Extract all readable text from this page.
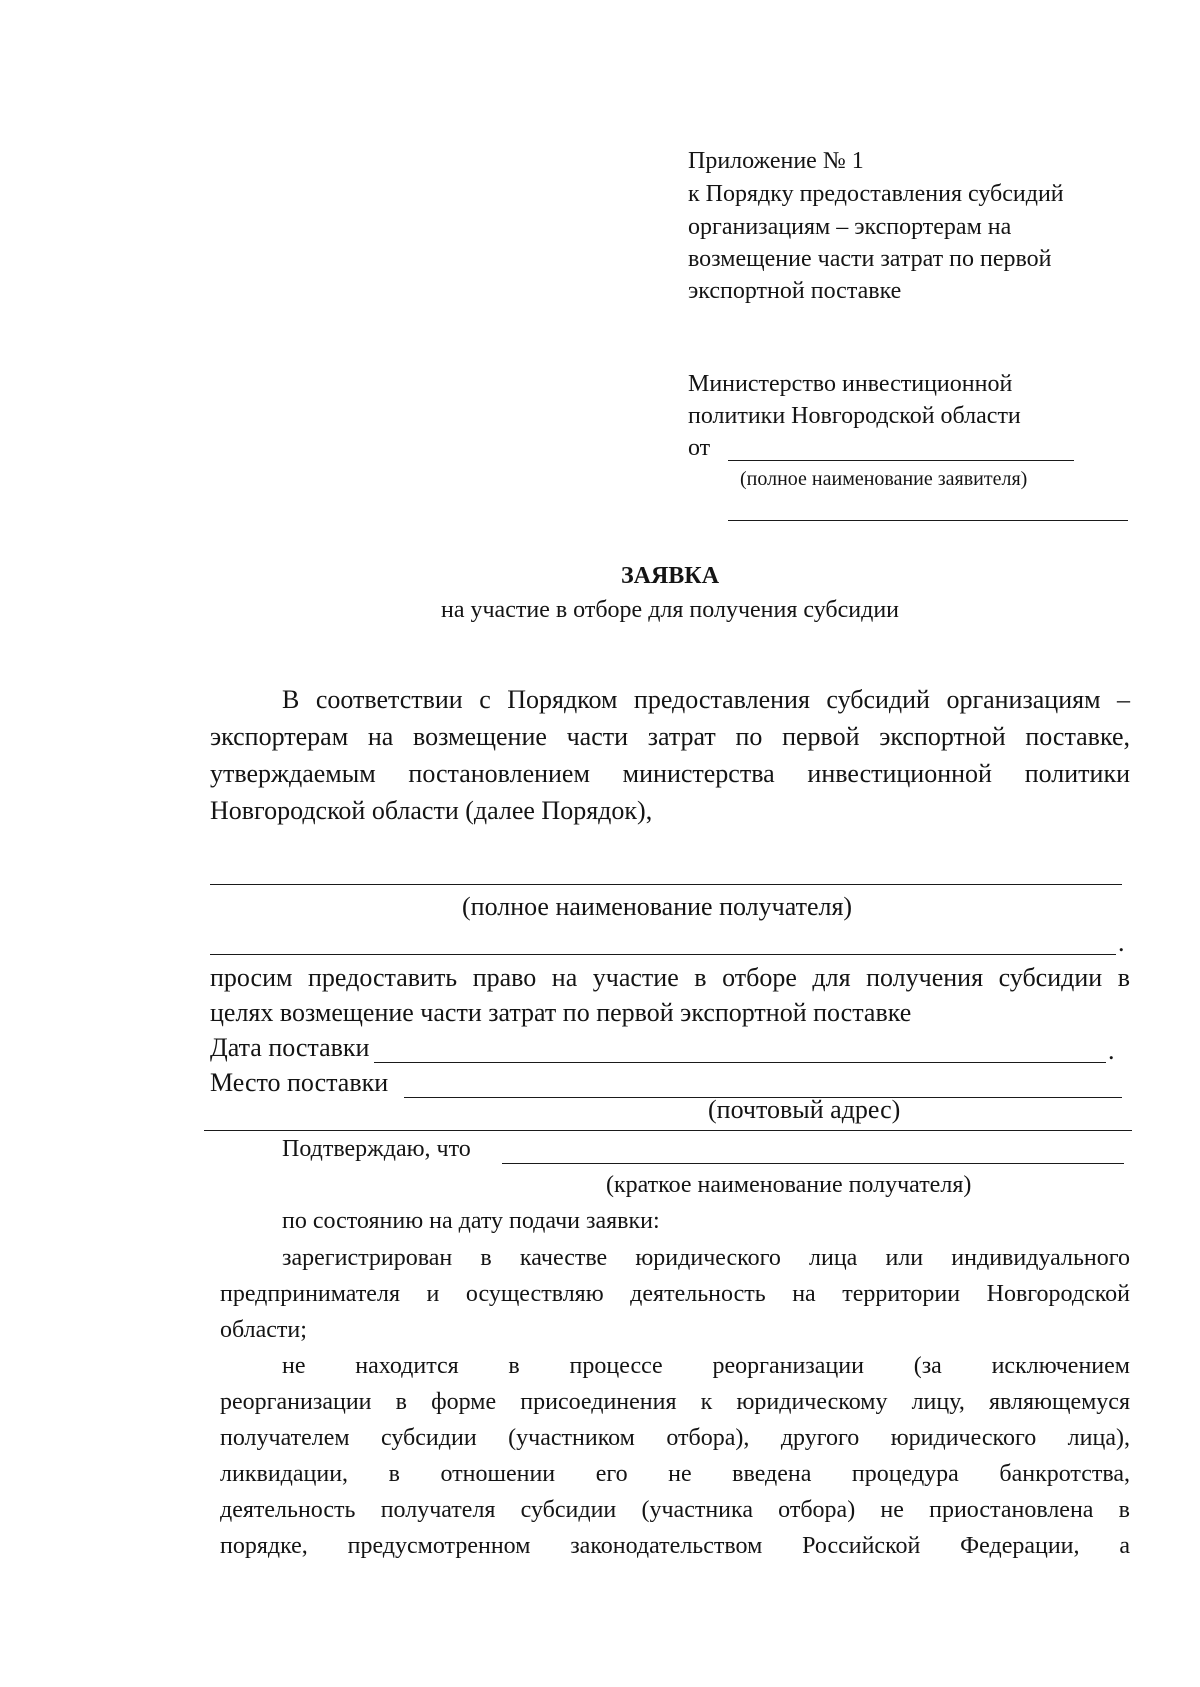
Приложение № 1
к Порядку предоставления субсидий
организациям – экспортерам на
возмещение части затрат по первой
экспортной поставке
Министерство инвестиционной
политики Новгородской области
от
(полное наименование заявителя)
ЗАЯВКА
на участие в отборе для получения субсидии
В соответствии с Порядком предоставления субсидий организациям –
экспортерам на возмещение части затрат по первой экспортной поставке,
утверждаемым постановлением министерства инвестиционной политики
Новгородской области (далее Порядок),
(полное наименование получателя)
.
просим предоставить право на участие в отборе для получения субсидии в
целях возмещение части затрат по первой экспортной поставке
Дата поставки	.
Место поставки
(почтовый адрес)
Подтверждаю, что
(краткое наименование получателя)
по состоянию на дату подачи заявки:
зарегистрирован в качестве юридического лица или индивидуального
предпринимателя и осуществляю деятельность на территории Новгородской
области;
не находится в процессе реорганизации (за исключением
реорганизации в форме присоединения к юридическому лицу, являющемуся
получателем субсидии (участником отбора), другого юридического лица),
ликвидации, в отношении его не введена процедура банкротства,
деятельность получателя субсидии (участника отбора) не приостановлена в
порядке, предусмотренном законодательством Российской Федерации, а
